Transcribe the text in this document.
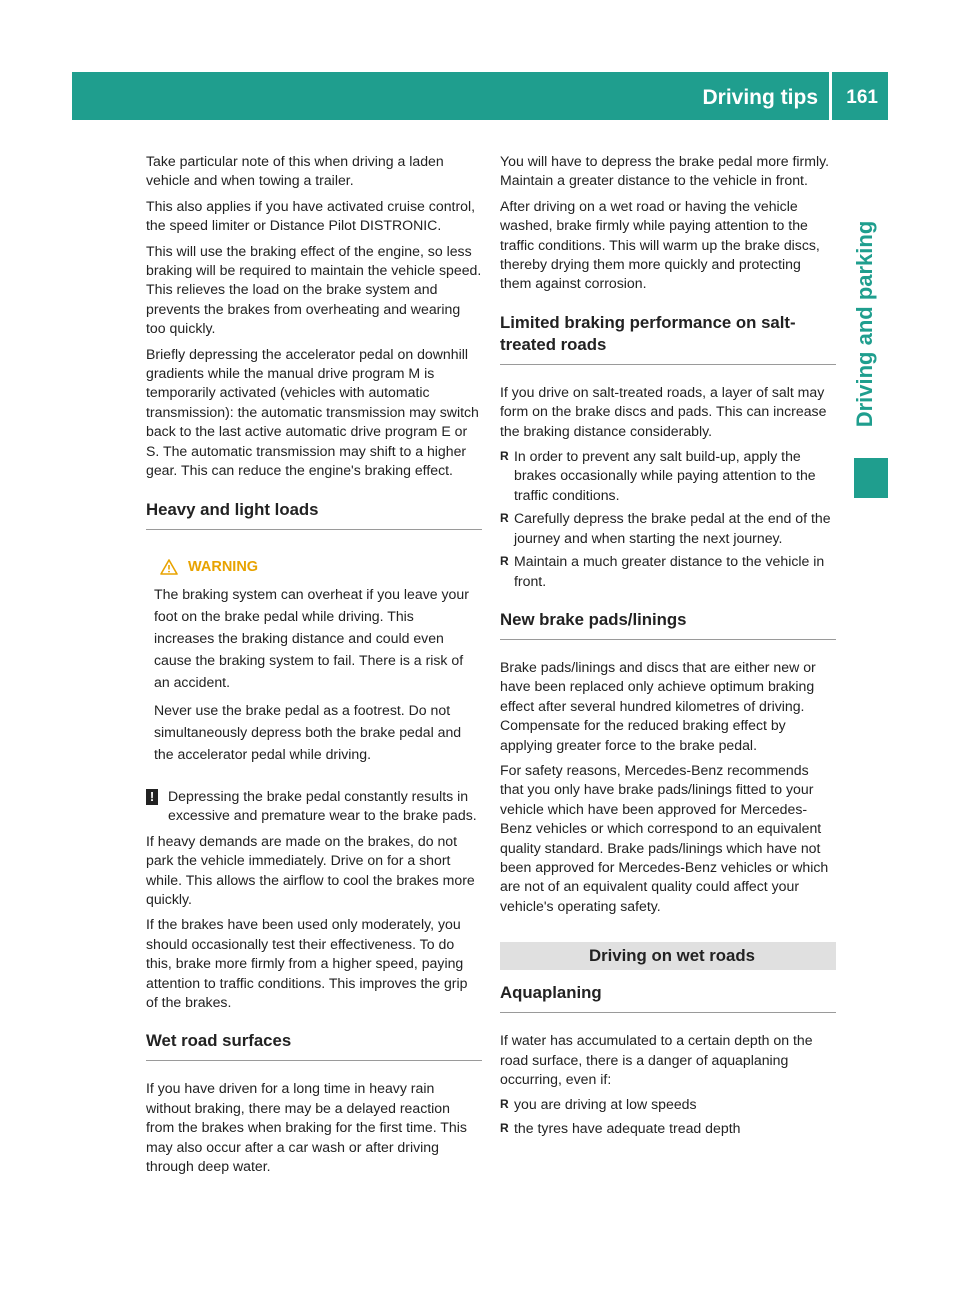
Driving tips 161
Driving and parking

Take particular note of this when driving a laden vehicle and when towing a trailer.

This also applies if you have activated cruise control, the speed limiter or Distance Pilot DISTRONIC.

This will use the braking effect of the engine, so less braking will be required to maintain the vehicle speed. This relieves the load on the brake system and prevents the brakes from overheating and wearing too quickly.

Briefly depressing the accelerator pedal on downhill gradients while the manual drive program M is temporarily activated (vehicles with automatic transmission): the automatic transmission may switch back to the last active automatic drive program E or S. The automatic transmission may shift to a higher gear. This can reduce the engine's braking effect.

Heavy and light loads
WARNING

The braking system can overheat if you leave your foot on the brake pedal while driving. This increases the braking distance and could even cause the braking system to fail. There is a risk of an accident.

Never use the brake pedal as a footrest. Do not simultaneously depress both the brake pedal and the accelerator pedal while driving.

! Depressing the brake pedal constantly results in excessive and premature wear to the brake pads.

If heavy demands are made on the brakes, do not park the vehicle immediately. Drive on for a short while. This allows the airflow to cool the brakes more quickly.

If the brakes have been used only moderately, you should occasionally test their effectiveness. To do this, brake more firmly from a higher speed, paying attention to traffic conditions. This improves the grip of the brakes.

Wet road surfaces

If you have driven for a long time in heavy rain without braking, there may be a delayed reaction from the brakes when braking for the first time. This may also occur after a car wash or after driving through deep water.

You will have to depress the brake pedal more firmly. Maintain a greater distance to the vehicle in front.

After driving on a wet road or having the vehicle washed, brake firmly while paying attention to the traffic conditions. This will warm up the brake discs, thereby drying them more quickly and protecting them against corrosion.

Limited braking performance on salt-treated roads

If you drive on salt-treated roads, a layer of salt may form on the brake discs and pads. This can increase the braking distance considerably.

R In order to prevent any salt build-up, apply the brakes occasionally while paying attention to the traffic conditions.
R Carefully depress the brake pedal at the end of the journey and when starting the next journey.
R Maintain a much greater distance to the vehicle in front.
New brake pads/linings

Brake pads/linings and discs that are either new or have been replaced only achieve optimum braking effect after several hundred kilometres of driving. Compensate for the reduced braking effect by applying greater force to the brake pedal.

For safety reasons, Mercedes-Benz recommends that you only have brake pads/linings fitted to your vehicle which have been approved for Mercedes-Benz vehicles or which correspond to an equivalent quality standard. Brake pads/linings which have not been approved for Mercedes-Benz vehicles or which are not of an equivalent quality could affect your vehicle's operating safety.

Driving on wet roads
Aquaplaning

If water has accumulated to a certain depth on the road surface, there is a danger of aquaplaning occurring, even if:

R you are driving at low speeds
R the tyres have adequate tread depth
